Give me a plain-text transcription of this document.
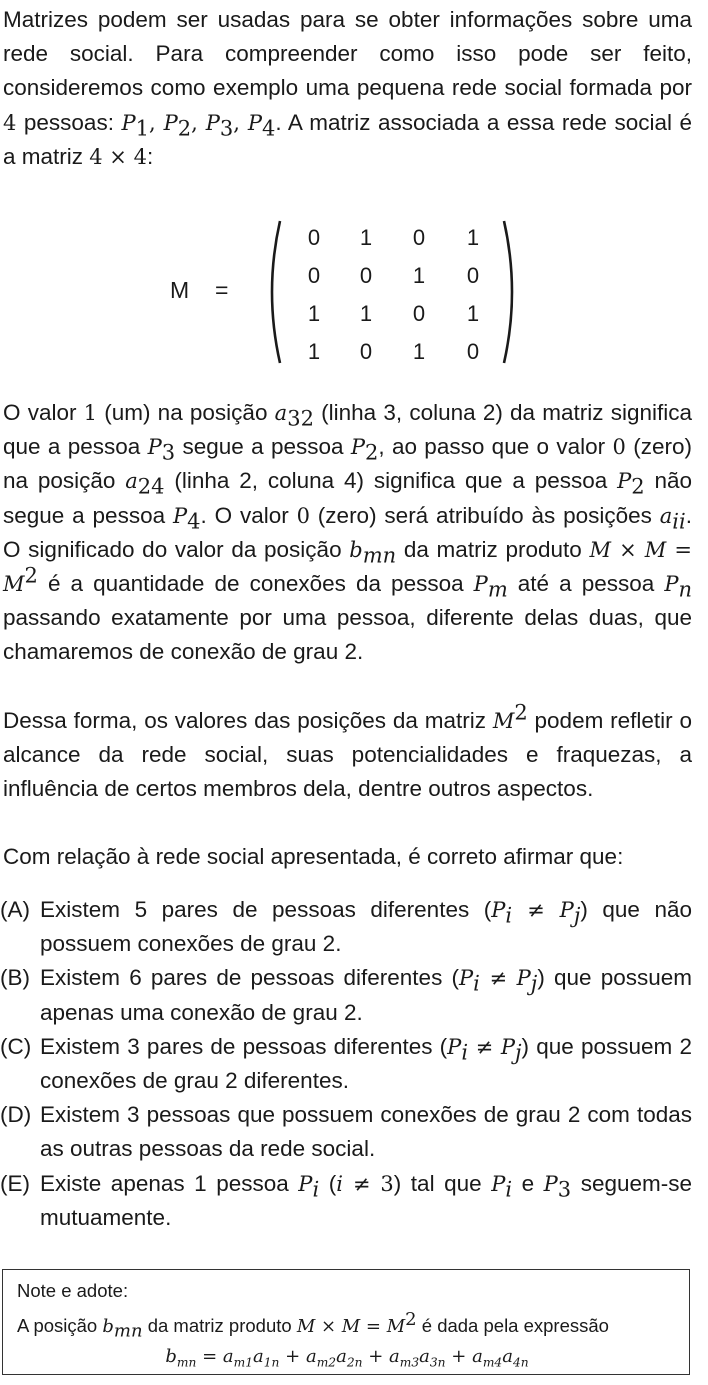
Matrizes podem ser usadas para se obter informações sobre uma rede social. Para compreender como isso pode ser feito, consideremos como exemplo uma pequena rede social formada por 4 pessoas: $P_1$, $P_2$, $P_3$, $P_4$. A matriz associada a essa rede social é a matriz 4 × 4:

M =
0 1 0 1
0 0 1 0
1 1 0 1
1 0 1 0

O valor 1 (um) na posição $a_{32}$ (linha 3, coluna 2) da matriz significa que a pessoa $P_3$ segue a pessoa $P_2$, ao passo que o valor 0 (zero) na posição $a_{24}$ (linha 2, coluna 4) significa que a pessoa $P_2$ não segue a pessoa $P_4$. O valor 0 (zero) será atribuído às posições $a_{ii}$. O significado do valor da posição $b_{mn}$ da matriz produto $M \times M = M^2$ é a quantidade de conexões da pessoa $P_m$ até a pessoa $P_n$ passando exatamente por uma pessoa, diferente delas duas, que chamaremos de conexão de grau 2.

Dessa forma, os valores das posições da matriz $M^2$ podem refletir o alcance da rede social, suas potencialidades e fraquezas, a influência de certos membros dela, dentre outros aspectos.

Com relação à rede social apresentada, é correto afirmar que:

(A) Existem 5 pares de pessoas diferentes $(P_i \ne P_j)$ que não possuem conexões de grau 2.

(B) Existem 6 pares de pessoas diferentes $(P_i \ne P_j)$ que possuem apenas uma conexão de grau 2.

(C) Existem 3 pares de pessoas diferentes $(P_i \ne P_j)$ que possuem 2 conexões de grau 2 diferentes.

(D) Existem 3 pessoas que possuem conexões de grau 2 com todas as outras pessoas da rede social.

(E) Existe apenas 1 pessoa $P_i$ (i ≠ 3) tal que $P_i$ e $P_3$ seguem-se mutuamente.

Note e adote:
A posição $b_{mn}$ da matriz produto $M \times M = M^2$ é dada pela expressão
$b_{mn} = a_{m1}a_{1n} + a_{m2}a_{2n} + a_{m3}a_{3n} + a_{m4}a_{4n}$
